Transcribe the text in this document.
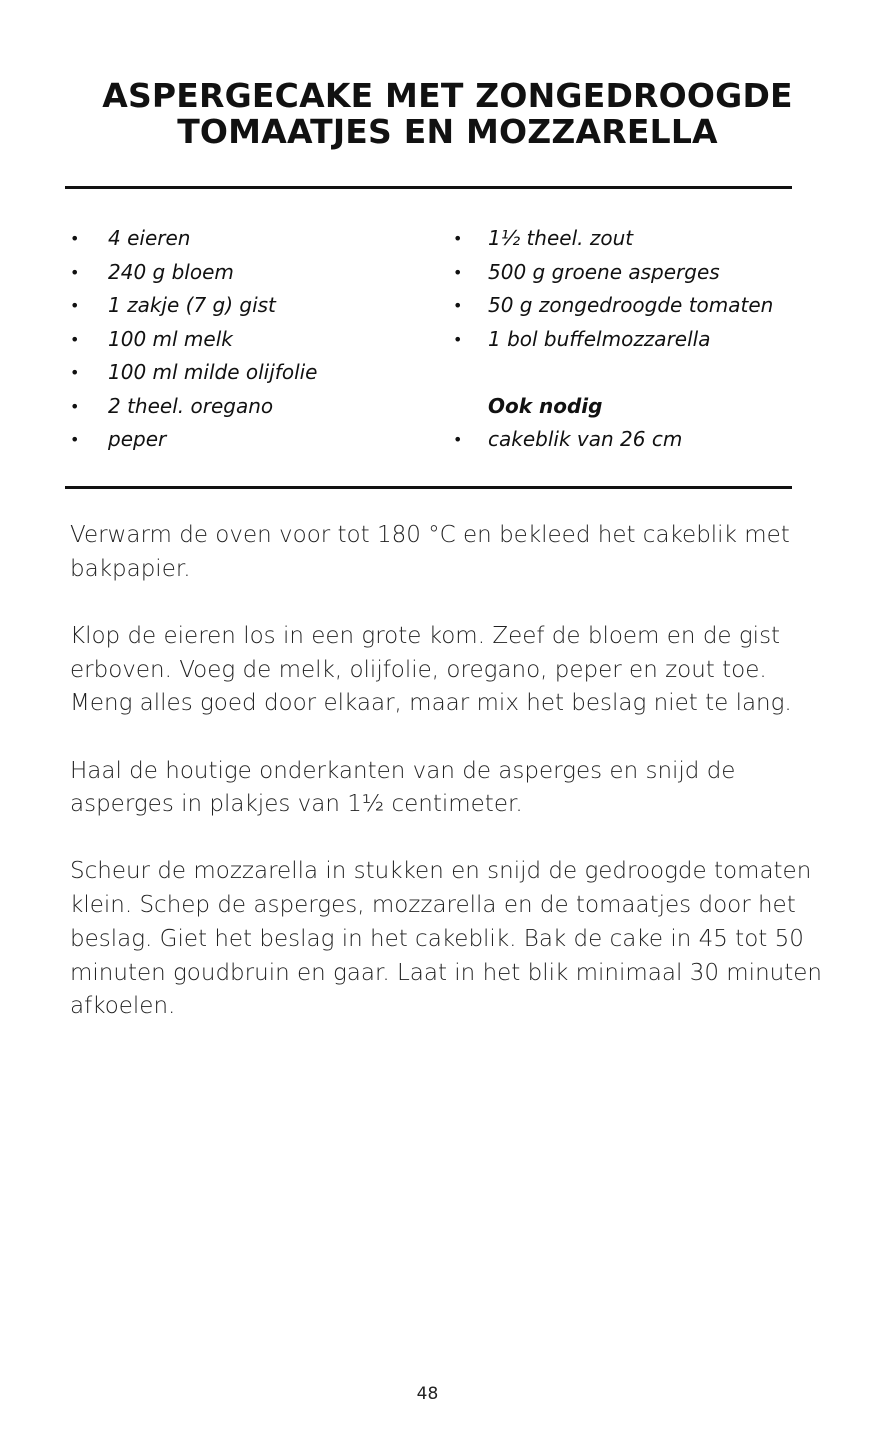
ASPERGECAKE MET ZONGEDROOGDE
TOMAATJES EN MOZZARELLA
• 4 eieren
• 240 g bloem
• 1 zakje (7 g) gist
• 100 ml melk
• 100 ml milde olijfolie
• 2 theel. oregano
• peper
• 1½ theel. zout
• 500 g groene asperges
• 50 g zongedroogde tomaten
• 1 bol buffelmozzarella
Ook nodig
• cakeblik van 26 cm

Verwarm de oven voor tot 180 °C en bekleed het cakeblik met bakpapier.

Klop de eieren los in een grote kom. Zeef de bloem en de gist erboven. Voeg de melk, olijfolie, oregano, peper en zout toe. Meng alles goed door elkaar, maar mix het beslag niet te lang.

Haal de houtige onderkanten van de asperges en snijd de asperges in plakjes van 1½ centimeter.

Scheur de mozzarella in stukken en snijd de gedroogde tomaten klein. Schep de asperges, mozzarella en de tomaatjes door het beslag. Giet het beslag in het cakeblik. Bak de cake in 45 tot 50 minuten goudbruin en gaar. Laat in het blik minimaal 30 minuten afkoelen.

48
